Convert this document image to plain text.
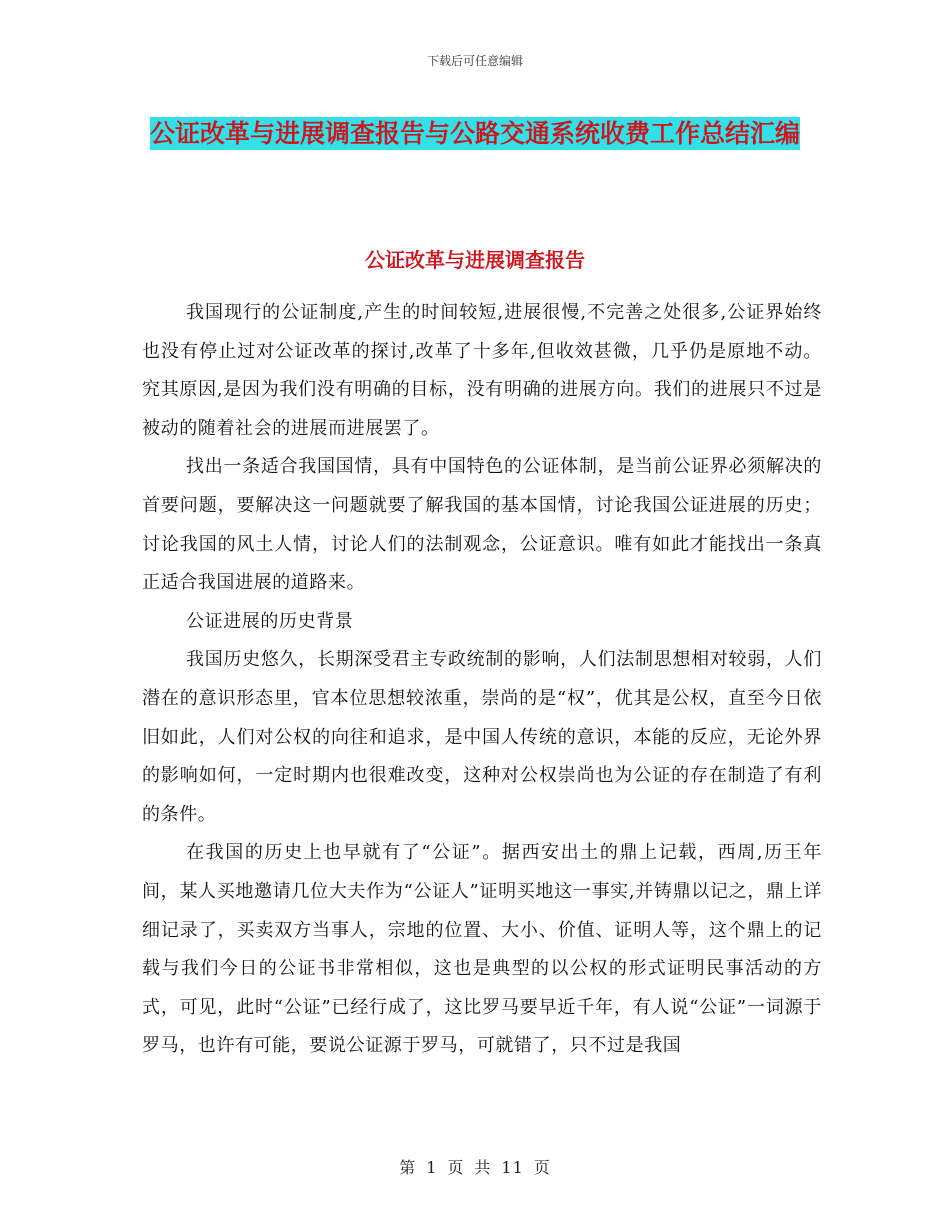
下载后可任意编辑
公证改革与进展调查报告与公路交通系统收费工作总结汇编
公证改革与进展调查报告

我国现行的公证制度,产生的时间较短,进展很慢,不完善之处很多,公证界始终也没有停止过对公证改革的探讨,改革了十多年,但收效甚微，几乎仍是原地不动。究其原因,是因为我们没有明确的目标，没有明确的进展方向。我们的进展只不过是被动的随着社会的进展而进展罢了。

找出一条适合我国国情，具有中国特色的公证体制，是当前公证界必须解决的首要问题，要解决这一问题就要了解我国的基本国情，讨论我国公证进展的历史；讨论我国的风土人情，讨论人们的法制观念，公证意识。唯有如此才能找出一条真正适合我国进展的道路来。

公证进展的历史背景

我国历史悠久，长期深受君主专政统制的影响，人们法制思想相对较弱，人们潜在的意识形态里，官本位思想较浓重，崇尚的是“权”，优其是公权，直至今日依旧如此，人们对公权的向往和追求，是中国人传统的意识，本能的反应，无论外界的影响如何，一定时期内也很难改变，这种对公权崇尚也为公证的存在制造了有利的条件。

在我国的历史上也早就有了“公证”。据西安出土的鼎上记载，西周,历王年间，某人买地邀请几位大夫作为“公证人”证明买地这一事实,并铸鼎以记之，鼎上详细记录了，买卖双方当事人，宗地的位置、大小、价值、证明人等，这个鼎上的记载与我们今日的公证书非常相似，这也是典型的以公权的形式证明民事活动的方式，可见，此时“公证”已经行成了，这比罗马要早近千年，有人说“公证”一词源于罗马，也许有可能，要说公证源于罗马，可就错了，只不过是我国

第 1 页 共 11 页
